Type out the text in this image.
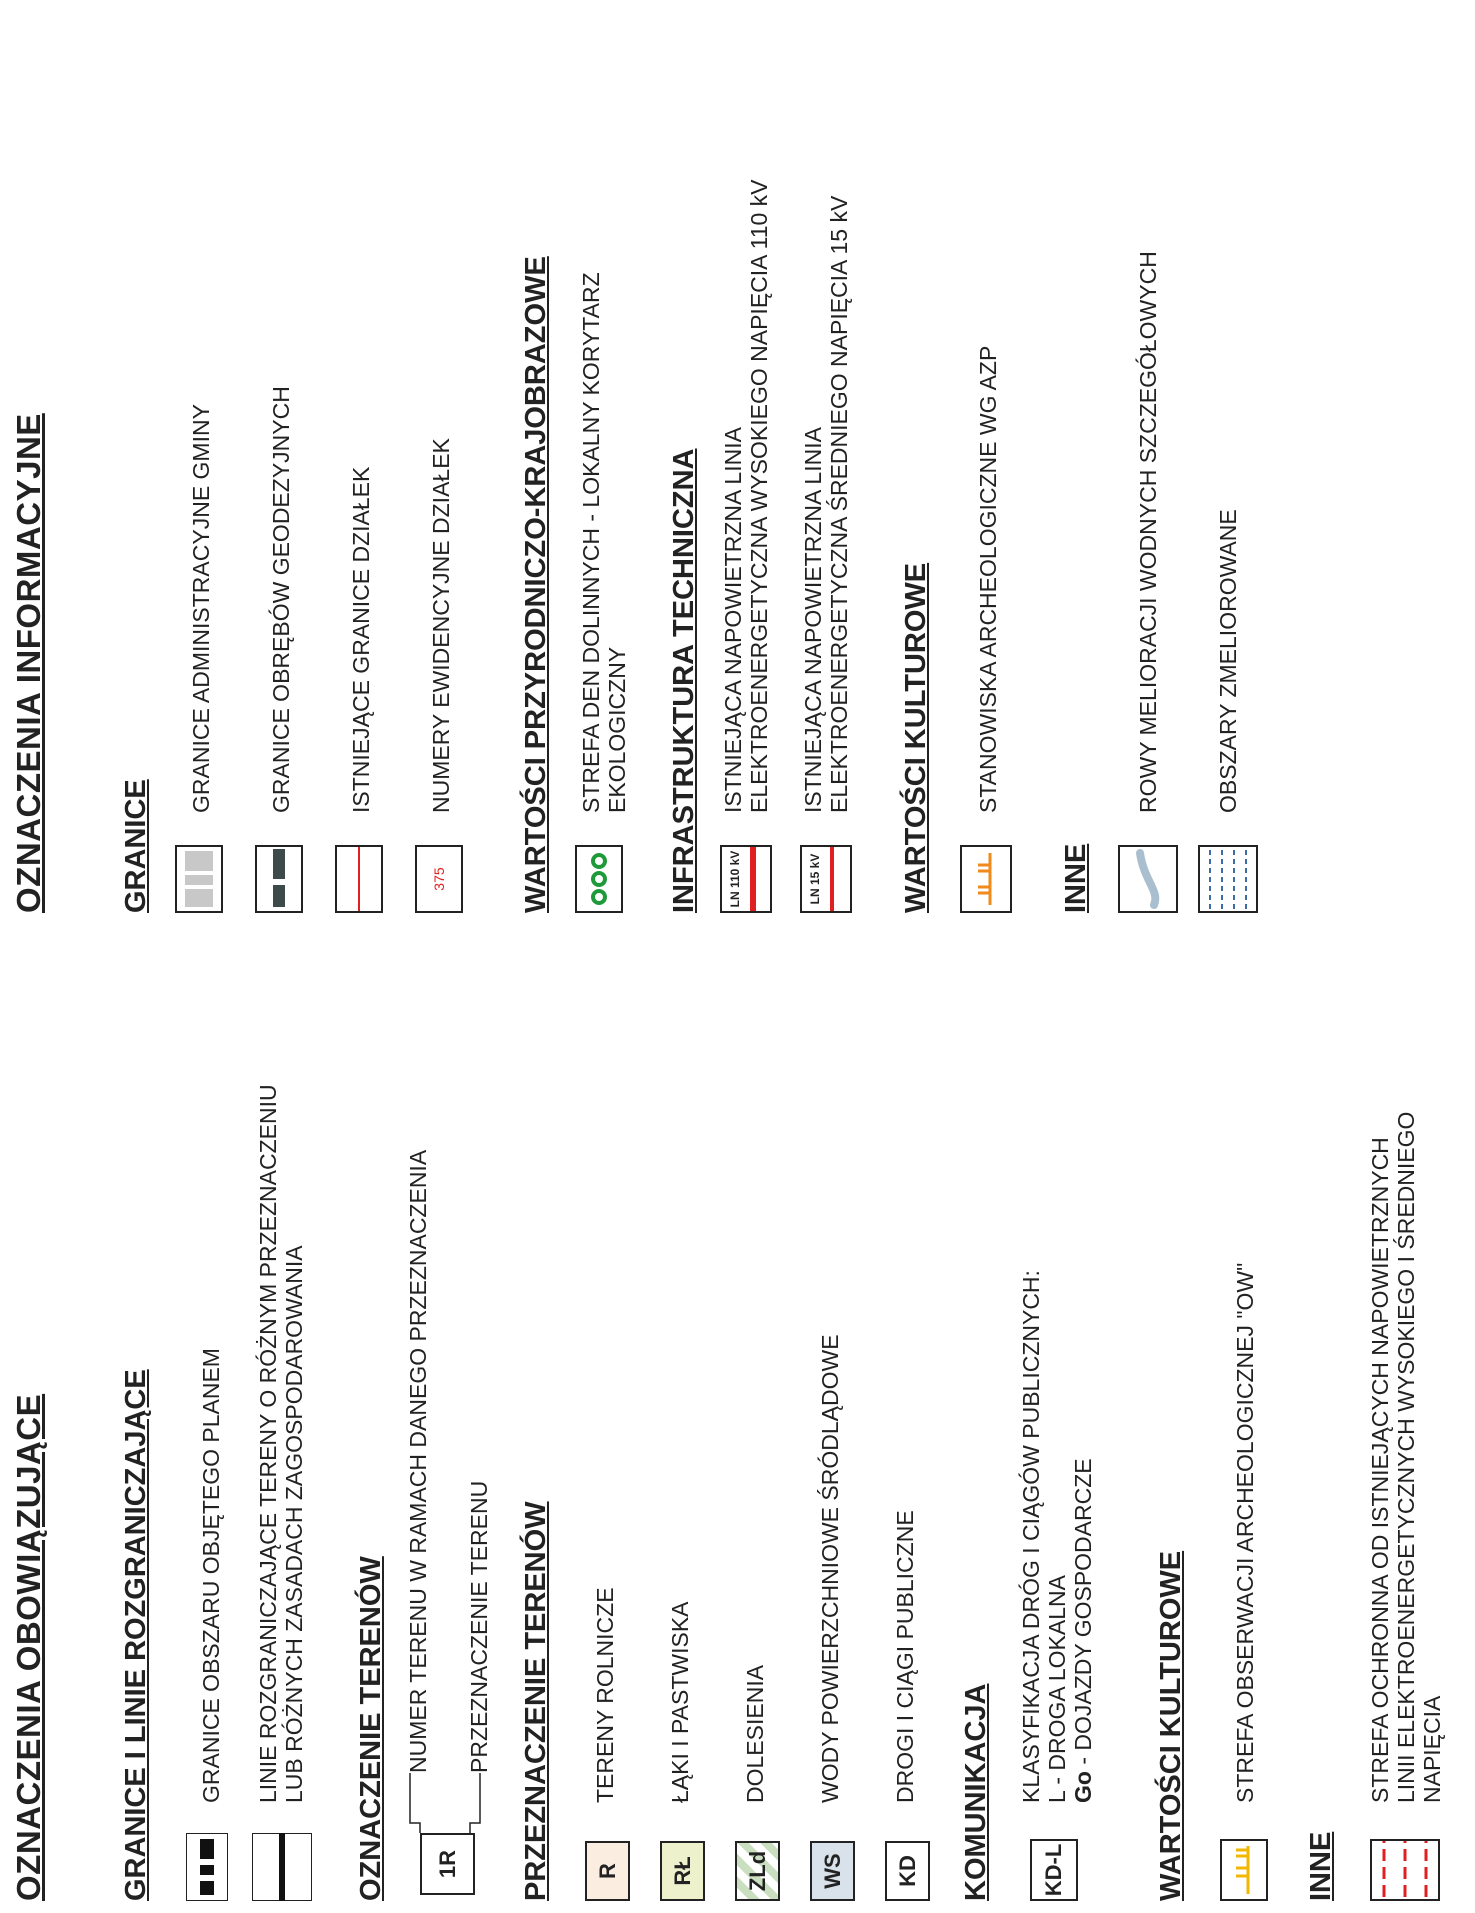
OZNACZENIA OBOWIĄZUJĄCE	GRANICE I LINIE ROZGRANICZAJĄCE GRANICE OBSZARU OBJĘTEGO PLANEM LINIE ROZGRANICZAJĄCE TERENY O RÓŻNYM PRZEZNACZENIU LUB RÓŻNYCH ZASADACH ZAGOSPODAROWANIA OZNACZENIE TERENÓW 1R
NUMER TERENU W RAMACH DANEGO PRZEZNACZENIA PRZEZNACZENIE TERENU PRZEZNACZENIE TERENÓW R
TERENY ROLNICZE
RŁ
ŁĄKI I PASTWISKA
ZLd
DOLESIENIA
WS
WODY POWIERZCHNIOWE ŚRÓDLĄDOWE
KD
DROGI I CIĄGI PUBLICZNE KOMUNIKACJA KD-L
KLASYFIKACJA DRÓG I CIĄGÓW PUBLICZNYCH: L - DROGA LOKALNA Go - DOJAZDY GOSPODARCZE WARTOŚCI KULTUROWE STREFA OBSERWACJI ARCHEOLOGICZNEJ "OW"
INNE
STREFA OCHRONNA OD ISTNIEJĄCYCH NAPOWIETRZNYCH LINII ELEKTROENERGETYCZNYCH WYSOKIEGO I ŚREDNIEGO NAPIĘCIA
OZNACZENIA INFORMACYJNE	GRANICE
GRANICE ADMINISTRACYJNE GMINY GRANICE OBRĘBÓW GEODEZYJNYCH ISTNIEJĄCE GRANICE DZIAŁEK
375
NUMERY EWIDENCYJNE DZIAŁEK WARTOŚCI PRZYRODNICZO-KRAJOBRAZOWE STREFA DEN DOLINNYCH - LOKALNY KORYTARZ EKOLOGICZNY INFRASTRUKTURA TECHNICZNA LN 110 kV
ISTNIEJĄCA NAPOWIETRZNA LINIA ELEKTROENERGETYCZNA WYSOKIEGO NAPIĘCIA 110 kV
LN 15 kV
ISTNIEJĄCA NAPOWIETRZNA LINIA ELEKTROENERGETYCZNA ŚREDNIEGO NAPIĘCIA 15 kV WARTOŚCI KULTUROWE STANOWISKA ARCHEOLOGICZNE WG AZP
INNE
ROWY MELIORACJI WODNYCH SZCZEGÓŁOWYCH OBSZARY ZMELIOROWANE
